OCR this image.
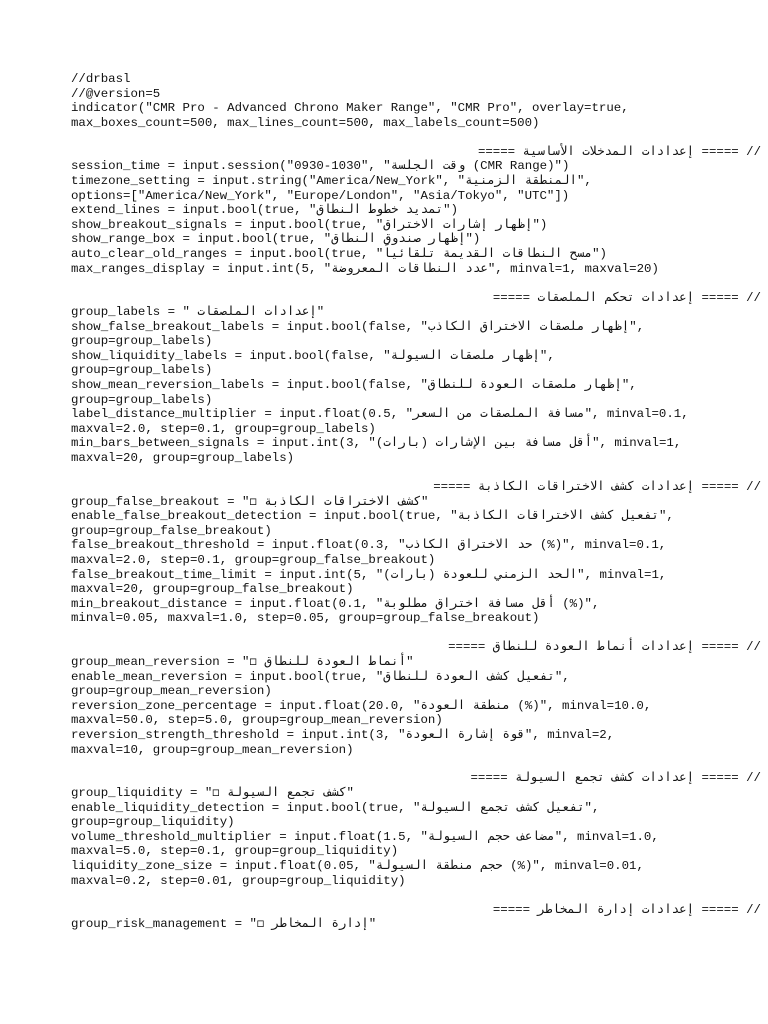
//drbasl
//@version=5
indicator("CMR Pro - Advanced Chrono Maker Range", "CMR Pro", overlay=true,
max_boxes_count=500, max_lines_count=500, max_labels_count=500)
// ===== إعدادات المدخلات الأساسية =====
session_time = input.session("0930-1030", "وقت الجلسة (CMR Range)")
timezone_setting = input.string("America/New_York", "المنطقة الزمنية",
options=["America/New_York", "Europe/London", "Asia/Tokyo", "UTC"])
extend_lines = input.bool(true, "تمديد خطوط النطاق")
show_breakout_signals = input.bool(true, "إظهار إشارات الاختراق")
show_range_box = input.bool(true, "إظهار صندوق النطاق")
auto_clear_old_ranges = input.bool(true, "مسح النطاقات القديمة تلقائياً")
max_ranges_display = input.int(5, "عدد النطاقات المعروضة", minval=1, maxval=20)
// ===== إعدادات تحكم الملصقات =====
group_labels = " إعدادات الملصقات"
show_false_breakout_labels = input.bool(false, "إظهار ملصقات الاختراق الكاذب",
group=group_labels)
show_liquidity_labels = input.bool(false, "إظهار ملصقات السيولة",
group=group_labels)
show_mean_reversion_labels = input.bool(false, "إظهار ملصقات العودة للنطاق",
group=group_labels)
label_distance_multiplier = input.float(0.5, "مسافة الملصقات من السعر", minval=0.1,
maxval=2.0, step=0.1, group=group_labels)
min_bars_between_signals = input.int(3, "أقل مسافة بين الإشارات (بارات)", minval=1,
maxval=20, group=group_labels)
// ===== إعدادات كشف الاختراقات الكاذبة =====
group_false_breakout = "◻ كشف الاختراقات الكاذبة"
enable_false_breakout_detection = input.bool(true, "تفعيل كشف الاختراقات الكاذبة",
group=group_false_breakout)
false_breakout_threshold = input.float(0.3, "حد الاختراق الكاذب (%)", minval=0.1,
maxval=2.0, step=0.1, group=group_false_breakout)
false_breakout_time_limit = input.int(5, "الحد الزمني للعودة (بارات)", minval=1,
maxval=20, group=group_false_breakout)
min_breakout_distance = input.float(0.1, "أقل مسافة اختراق مطلوبة (%)",
minval=0.05, maxval=1.0, step=0.05, group=group_false_breakout)
// ===== إعدادات أنماط العودة للنطاق =====
group_mean_reversion = "◻ أنماط العودة للنطاق"
enable_mean_reversion = input.bool(true, "تفعيل كشف العودة للنطاق",
group=group_mean_reversion)
reversion_zone_percentage = input.float(20.0, "منطقة العودة (%)", minval=10.0,
maxval=50.0, step=5.0, group=group_mean_reversion)
reversion_strength_threshold = input.int(3, "قوة إشارة العودة", minval=2,
maxval=10, group=group_mean_reversion)
// ===== إعدادات كشف تجمع السيولة =====
group_liquidity = "◻ كشف تجمع السيولة"
enable_liquidity_detection = input.bool(true, "تفعيل كشف تجمع السيولة",
group=group_liquidity)
volume_threshold_multiplier = input.float(1.5, "مضاعف حجم السيولة", minval=1.0,
maxval=5.0, step=0.1, group=group_liquidity)
liquidity_zone_size = input.float(0.05, "حجم منطقة السيولة (%)", minval=0.01,
maxval=0.2, step=0.01, group=group_liquidity)
// ===== إعدادات إدارة المخاطر =====
group_risk_management = "◻ إدارة المخاطر"
